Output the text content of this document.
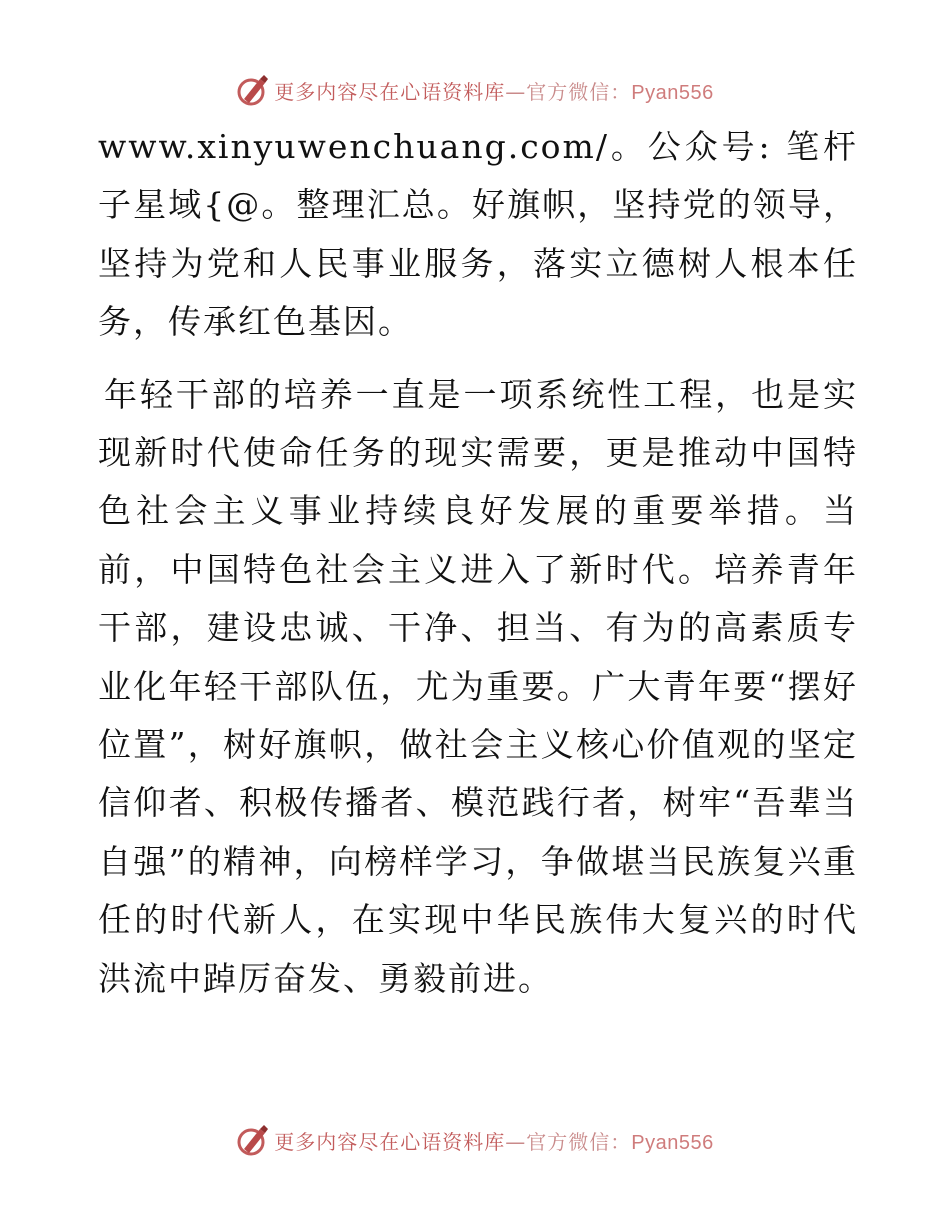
更多内容尽在心语资料库—官方微信：Pyan556

www.xinyuwenchuang.com/。公众号: 笔杆子星域{@。整理汇总。好旗帜，坚持党的领导，坚持为党和人民事业服务，落实立德树人根本任务，传承红色基因。

年轻干部的培养一直是一项系统性工程，也是实现新时代使命任务的现实需要，更是推动中国特色社会主义事业持续良好发展的重要举措。当前，中国特色社会主义进入了新时代。培养青年干部，建设忠诚、干净、担当、有为的高素质专业化年轻干部队伍，尤为重要。广大青年要“摆好位置”，树好旗帜，做社会主义核心价值观的坚定信仰者、积极传播者、模范践行者，树牢“吾辈当自强”的精神，向榜样学习，争做堪当民族复兴重任的时代新人，在实现中华民族伟大复兴的时代洪流中踔厉奋发、勇毅前进。

更多内容尽在心语资料库—官方微信：Pyan556
